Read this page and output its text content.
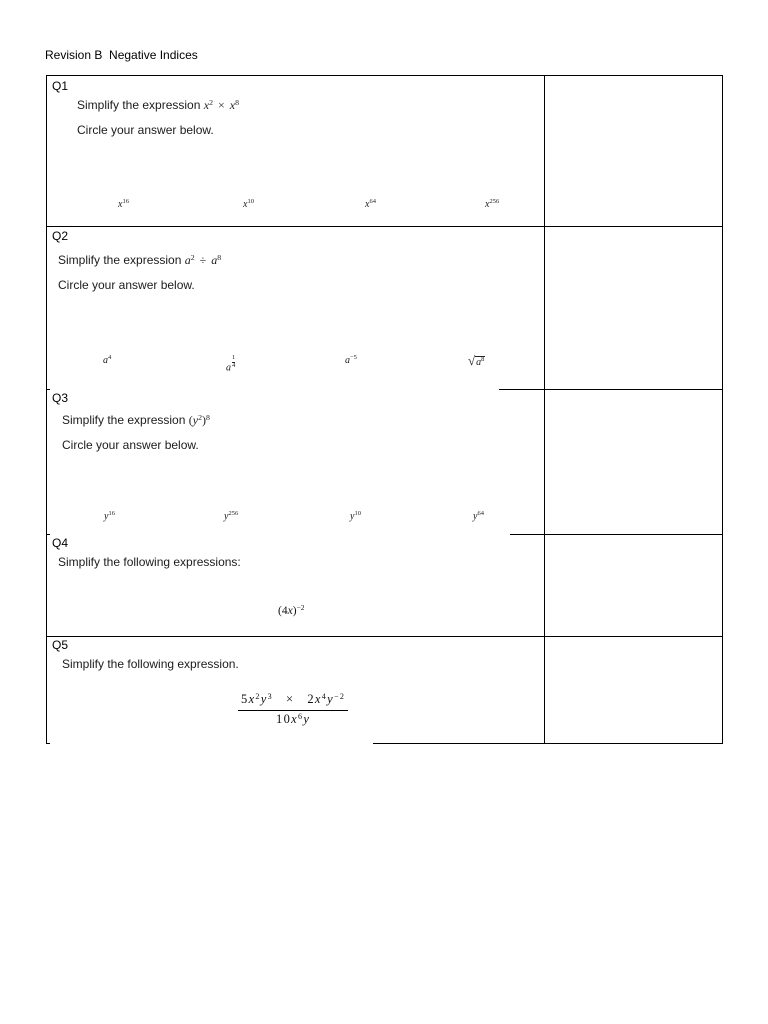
Revision B  Negative Indices
Q1
Simplify the expression $x^2 \times x^8$
Circle your answer below.
$x^{16}$	$x^{10}$	$x^{64}$	$x^{256}$
Q2
Simplify the expression $a^2 \div a^8$
Circle your answer below.
$a^4$
a $\frac{1}{4}$	$a^{-5}$	$√a^8$
Q3
Simplify the expression $(y^2)^8$
Circle your answer below.
$y^{16}$	$y^{256}$	$y^{10}$	$y^{64}$
Q4
Simplify the following expressions:
$(4x)^{-2}$
Q5
Simplify the following expression.
$\frac{5x^2y^3 \times 2x^4y^{-2}}{10x^6y}$
